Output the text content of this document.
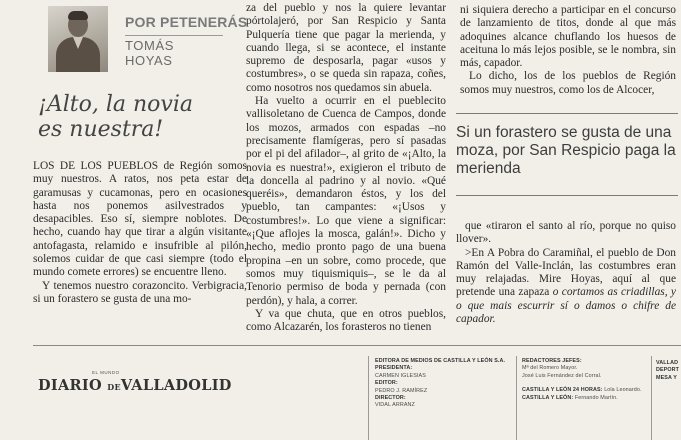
POR PETENERÁS
TOMÁS
HOYAS
¡Alto, la novia
es nuestra!

LOS DE LOS PUEBLOS de Región somos muy nuestros. A ratos, nos peta estar de garamusas y cucamonas, pero en ocasiones hasta nos ponemos asilvestrados y desapacibles. Eso sí, siempre noblotes. De hecho, cuando hay que tirar a algún visitante antofagasta, relamido e insufrible al pilón, solemos cuidar de que casi siempre (todo el mundo comete errores) se encuentre lleno.

Y tenemos nuestro corazoncito. Verbigracia, si un forastero se gusta de una mo-

za del pueblo y nos la quiere levantar pórtolajeró, por San Respicio y Santa Pulquería tiene que pagar la merienda, y cuando llega, si se acontece, el instante supremo de desposarla, pagar «usos y costumbres», o se queda sin rapaza, coñes, como nosotros nos quedamos sin abuela.

Ha vuelto a ocurrir en el pueblecito vallisoletano de Cuenca de Campos, donde los mozos, armados con espadas –no precisamente flamígeras, pero sí pasadas por el pi del afilador–, al grito de «¡Alto, la novia es nuestra!», exigieron el tributo de la doncella al padrino y al novio. «Qué queréis», demandaron éstos, y los del pueblo, tan campantes: «¡Usos y costumbres!». Lo que viene a significar: «¡Que aflojes la mosca, galán!». Dicho y hecho, medio pronto pago de una buena propina –en un sobre, como procede, que somos muy tiquismiquis–, se le da al Tenorio permiso de boda y pernada (con perdón), y hala, a correr.

Y va que chuta, que en otros pueblos, como Alcazarén, los forasteros no tienen

ni siquiera derecho a participar en el concurso de lanzamiento de titos, donde al que más adoquines alcance chuflando los huesos de aceituna lo más lejos posible, se le nombra, sin más, capador.

Lo dicho, los de los pueblos de Región somos muy nuestros, como los de Alcocer,

Si un forastero se gusta de una moza, por San Respicio paga la merienda

que «tiraron el santo al río, porque no quiso llover».

>En A Pobra do Caramiñal, el pueblo de Don Ramón del Valle-Inclán, las costumbres eran muy relajadas. Mire Hoyas, aquí al que pretende una zapaza o cortamos as criadillas, y o que mais escurrir sí o damos o chifre de capador.

EL MUNDO
DIARIO DEVALLADOLID
EDITORA DE MEDIOS DE CASTILLA Y LEÓN S.A.
PRESIDENTA:
CARMEN IGLESIAS
EDITOR:
PEDRO J. RAMÍREZ
DIRECTOR:
VIDAL ARRANZ
REDACTORES JEFES:
Mª del Romero Mayor.
José Luis Fernández del Corral.
CASTILLA Y LEÓN 24 HORAS: Lola Leonardo.
CASTILLA Y LEÓN: Fernando Martín.
VALLAD
DEPORT
MESA Y
